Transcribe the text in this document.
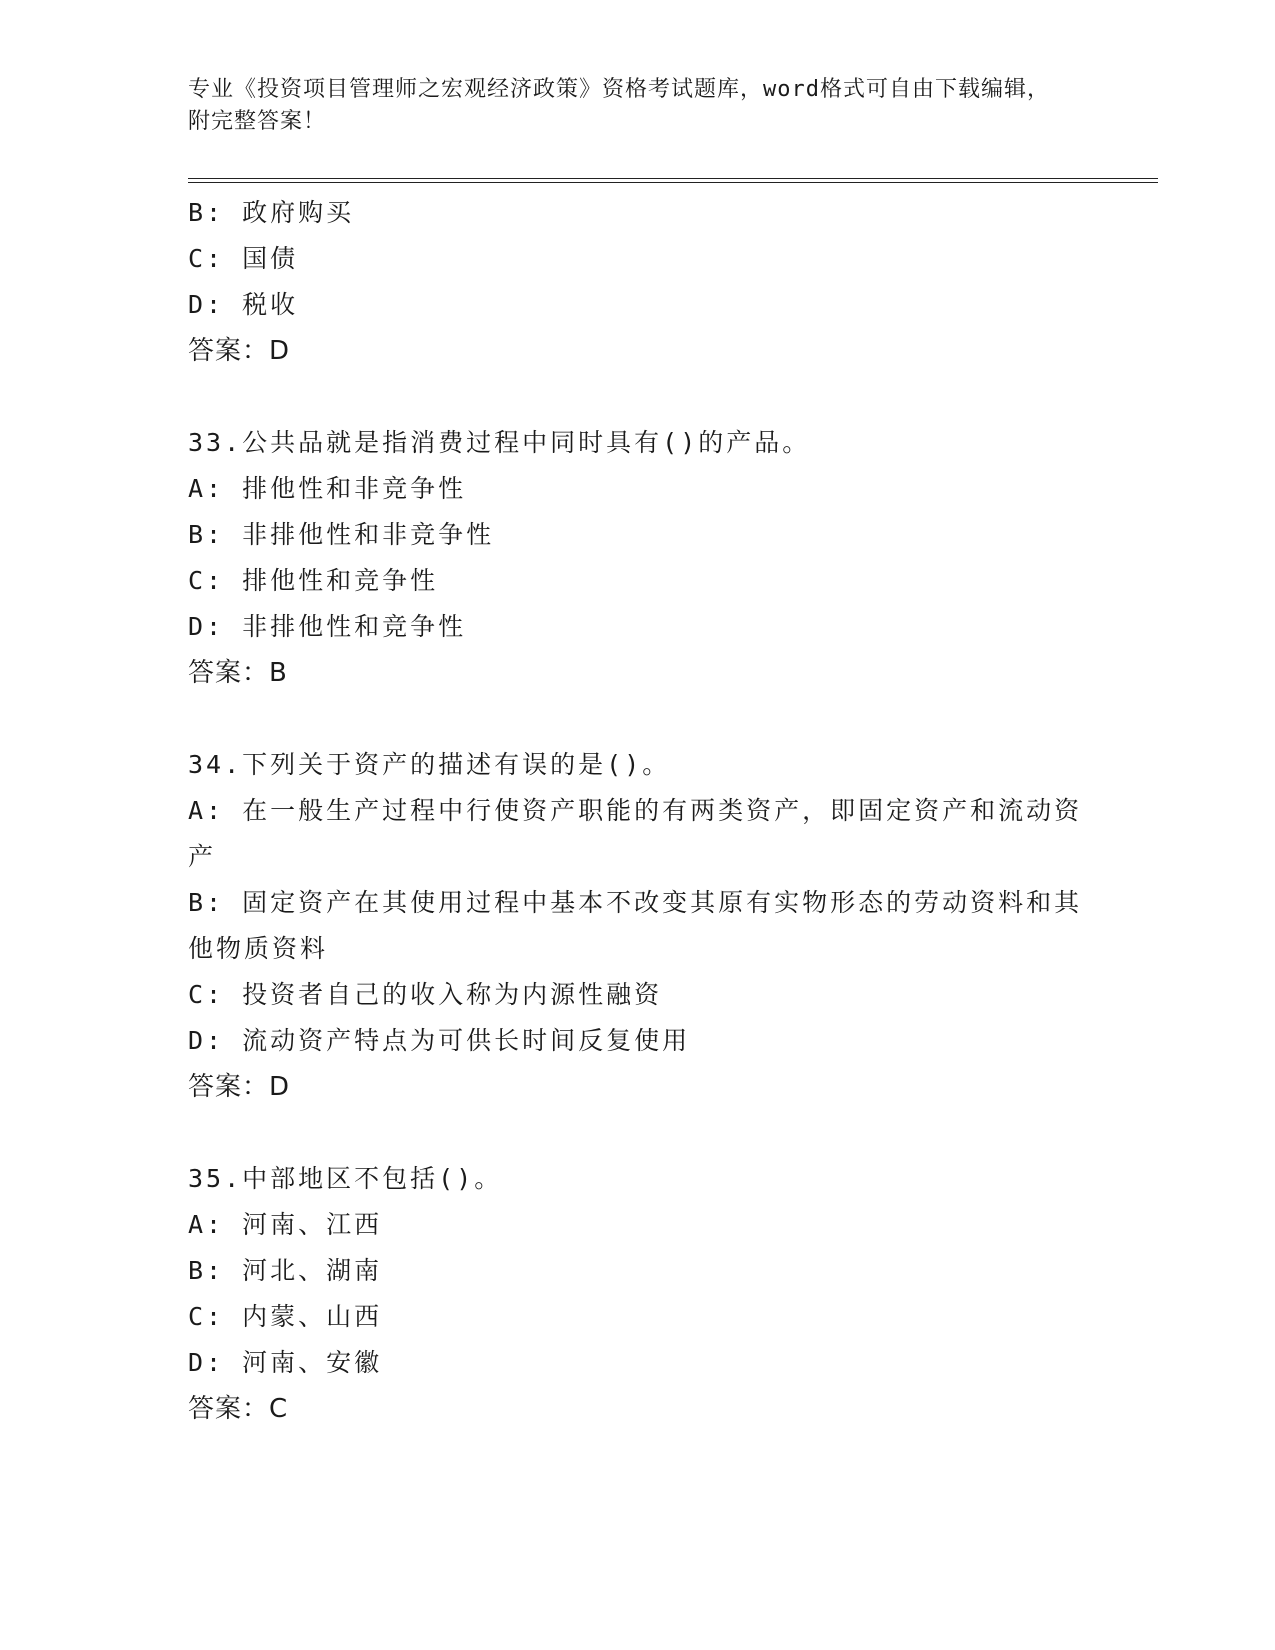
专业《投资项目管理师之宏观经济政策》资格考试题库，word格式可自由下载编辑，附完整答案！
B: 政府购买
C: 国债
D: 税收
答案：D
33.公共品就是指消费过程中同时具有()的产品。
A: 排他性和非竞争性
B: 非排他性和非竞争性
C: 排他性和竞争性
D: 非排他性和竞争性
答案：B
34.下列关于资产的描述有误的是()。
A: 在一般生产过程中行使资产职能的有两类资产，即固定资产和流动资产
B: 固定资产在其使用过程中基本不改变其原有实物形态的劳动资料和其他物质资料
C: 投资者自己的收入称为内源性融资
D: 流动资产特点为可供长时间反复使用
答案：D
35.中部地区不包括()。
A: 河南、江西
B: 河北、湖南
C: 内蒙、山西
D: 河南、安徽
答案：C
